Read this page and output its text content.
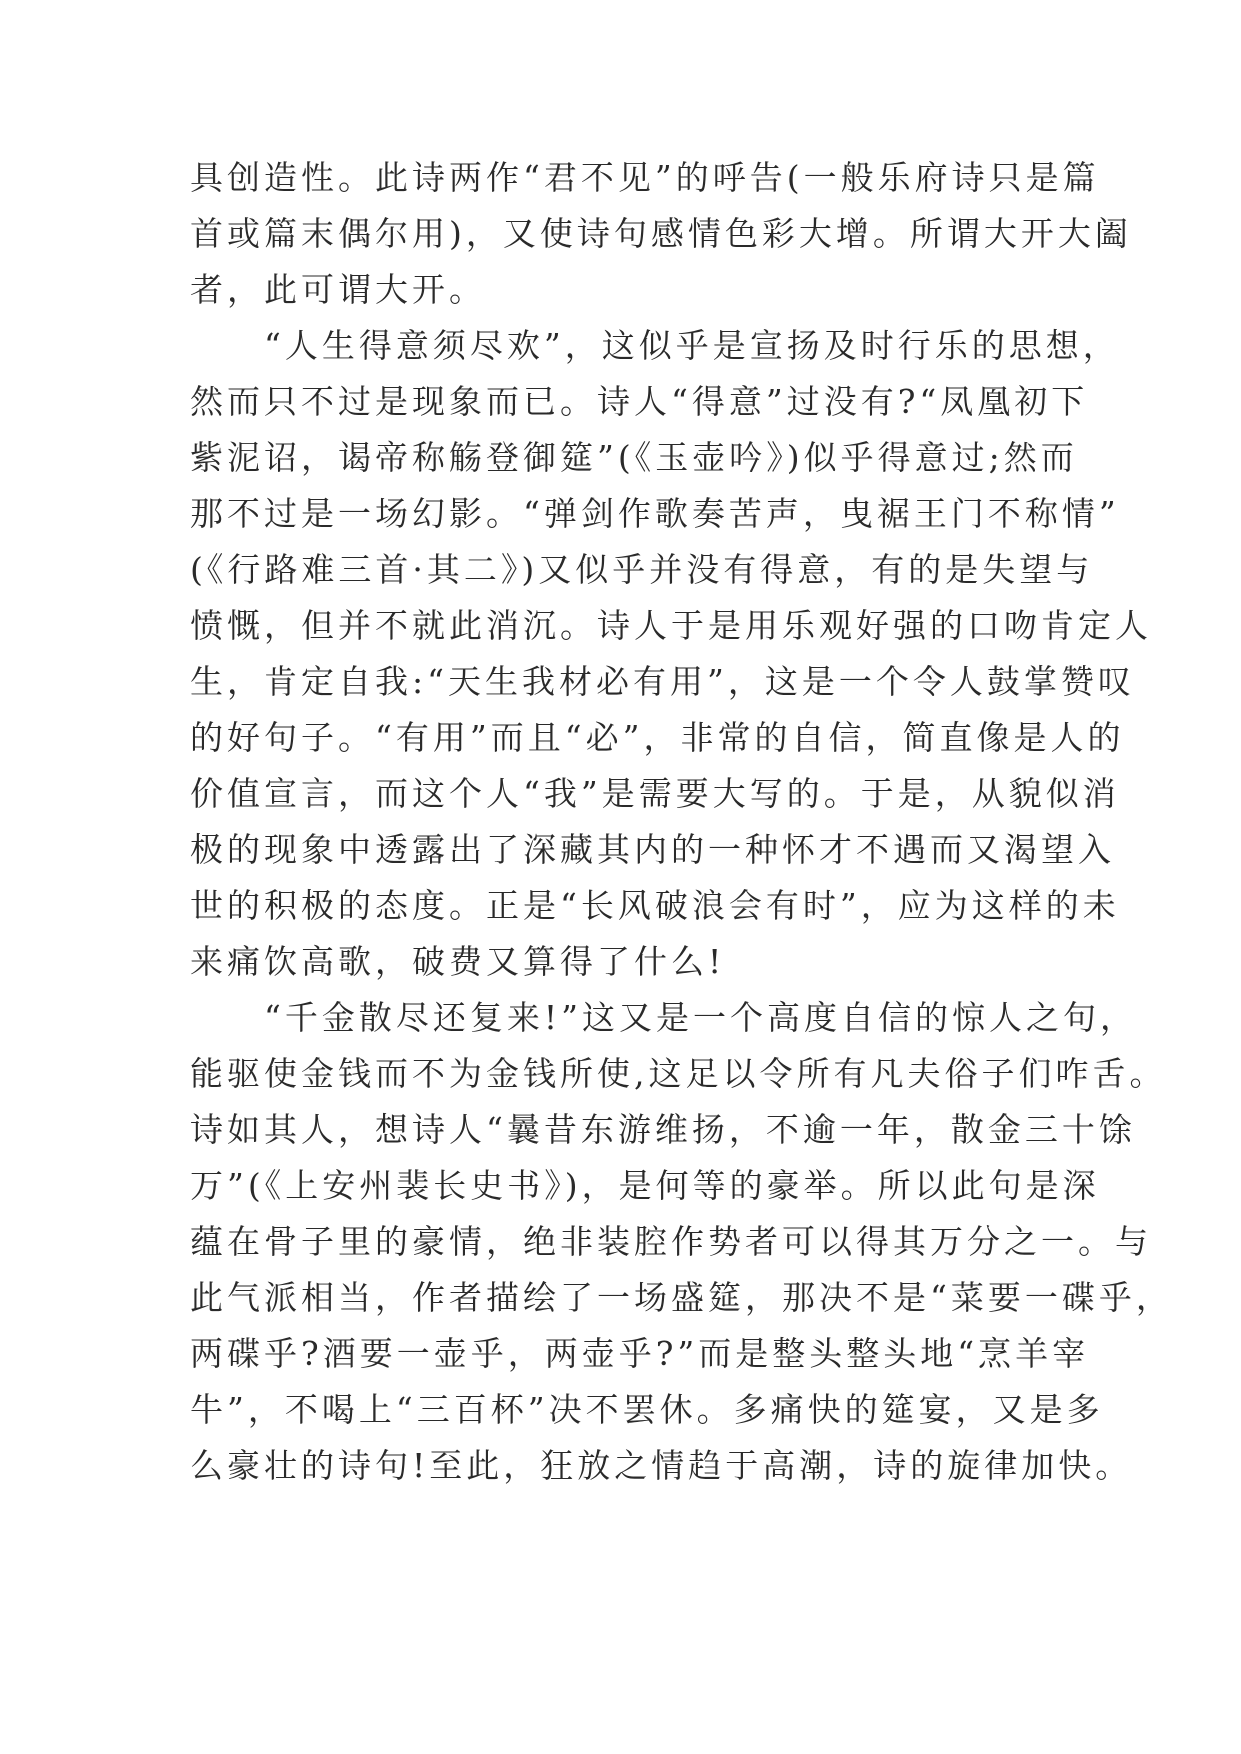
具创造性。此诗两作“君不见”的呼告(一般乐府诗只是篇
首或篇末偶尔用)，又使诗句感情色彩大增。所谓大开大阖
者，此可谓大开。
“人生得意须尽欢”，这似乎是宣扬及时行乐的思想，
然而只不过是现象而已。诗人“得意”过没有?“凤凰初下
紫泥诏，谒帝称觞登御筵”(《玉壶吟》)似乎得意过;然而
那不过是一场幻影。“弹剑作歌奏苦声，曳裾王门不称情”
(《行路难三首·其二》)又似乎并没有得意，有的是失望与
愤慨，但并不就此消沉。诗人于是用乐观好强的口吻肯定人
生，肯定自我:“天生我材必有用”，这是一个令人鼓掌赞叹
的好句子。“有用”而且“必”，非常的自信，简直像是人的
价值宣言，而这个人“我”是需要大写的。于是，从貌似消
极的现象中透露出了深藏其内的一种怀才不遇而又渴望入
世的积极的态度。正是“长风破浪会有时”，应为这样的未
来痛饮高歌，破费又算得了什么!
“千金散尽还复来!”这又是一个高度自信的惊人之句，
能驱使金钱而不为金钱所使,这足以令所有凡夫俗子们咋舌。
诗如其人，想诗人“曩昔东游维扬，不逾一年，散金三十馀
万”(《上安州裴长史书》)，是何等的豪举。所以此句是深
蕴在骨子里的豪情，绝非装腔作势者可以得其万分之一。与
此气派相当，作者描绘了一场盛筵，那决不是“菜要一碟乎，
两碟乎?酒要一壶乎，两壶乎?”而是整头整头地“烹羊宰
牛”，不喝上“三百杯”决不罢休。多痛快的筵宴，又是多
么豪壮的诗句!至此，狂放之情趋于高潮，诗的旋律加快。
